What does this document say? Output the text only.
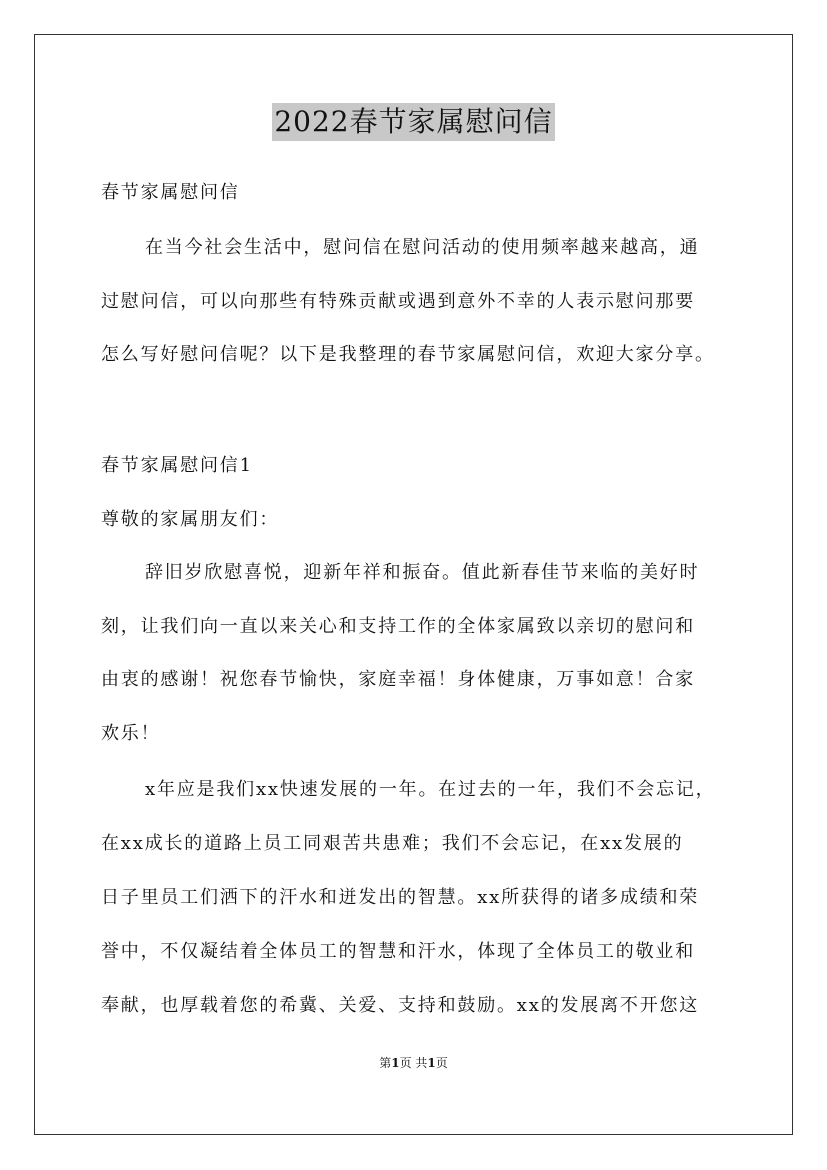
2022春节家属慰问信
春节家属慰问信
在当今社会生活中，慰问信在慰问活动的使用频率越来越高，通
过慰问信，可以向那些有特殊贡献或遇到意外不幸的人表示慰问那要
怎么写好慰问信呢？以下是我整理的春节家属慰问信，欢迎大家分享。
春节家属慰问信1
尊敬的家属朋友们：
辞旧岁欣慰喜悦，迎新年祥和振奋。值此新春佳节来临的美好时
刻，让我们向一直以来关心和支持工作的全体家属致以亲切的慰问和
由衷的感谢！祝您春节愉快，家庭幸福！身体健康，万事如意！合家
欢乐！
x年应是我们xx快速发展的一年。在过去的一年，我们不会忘记，
在xx成长的道路上员工同艰苦共患难；我们不会忘记，在xx发展的
日子里员工们洒下的汗水和迸发出的智慧。xx所获得的诸多成绩和荣
誉中，不仅凝结着全体员工的智慧和汗水，体现了全体员工的敬业和
奉献，也厚载着您的希冀、关爱、支持和鼓励。xx的发展离不开您这
第1页 共1页
